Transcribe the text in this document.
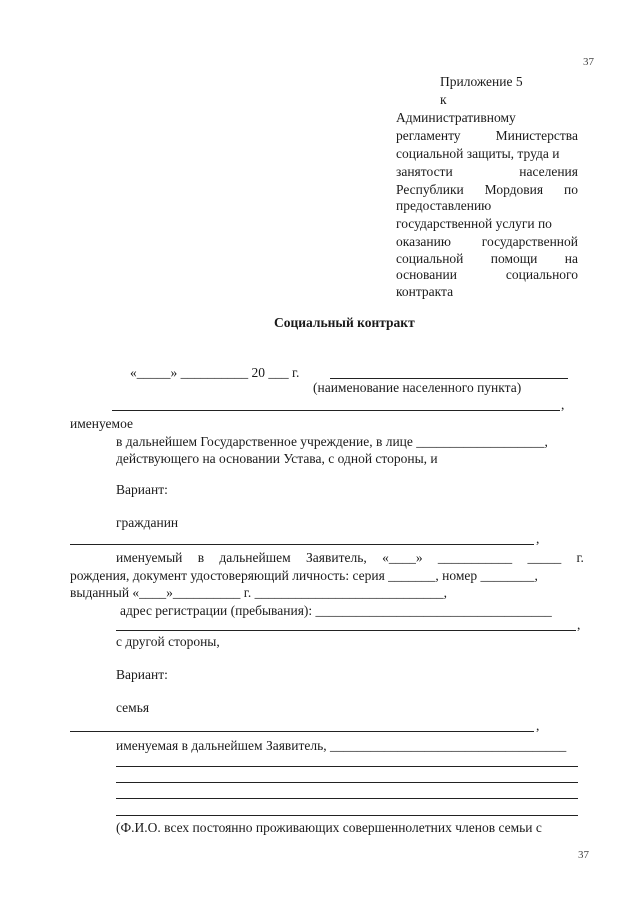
37
Приложение 5
к
Административному
регламенту	Министерства
социальной защиты, труда и
занятости	населения
Республики Мордовия по
предоставлению
государственной услуги по
оказанию государственной
социальной помощи на
основании	социального
контракта
Социальный контракт
«_____» __________ 20 ___ г.
(наименование населенного пункта)
,
именуемое
в дальнейшем Государственное учреждение, в лице ___________________,
действующего на основании Устава, с одной стороны, и
Вариант:
гражданин
,
именуемый в дальнейшем Заявитель, «____» ___________ _____ г.
рождения, документ удостоверяющий личность: серия _______, номер ________,
выданный «____»__________ г. ____________________________,
адрес регистрации (пребывания): ___________________________________
,
с другой стороны,
Вариант:
семья
,
именуемая в дальнейшем Заявитель, ___________________________________
(Ф.И.О. всех постоянно проживающих совершеннолетних членов семьи с
37
